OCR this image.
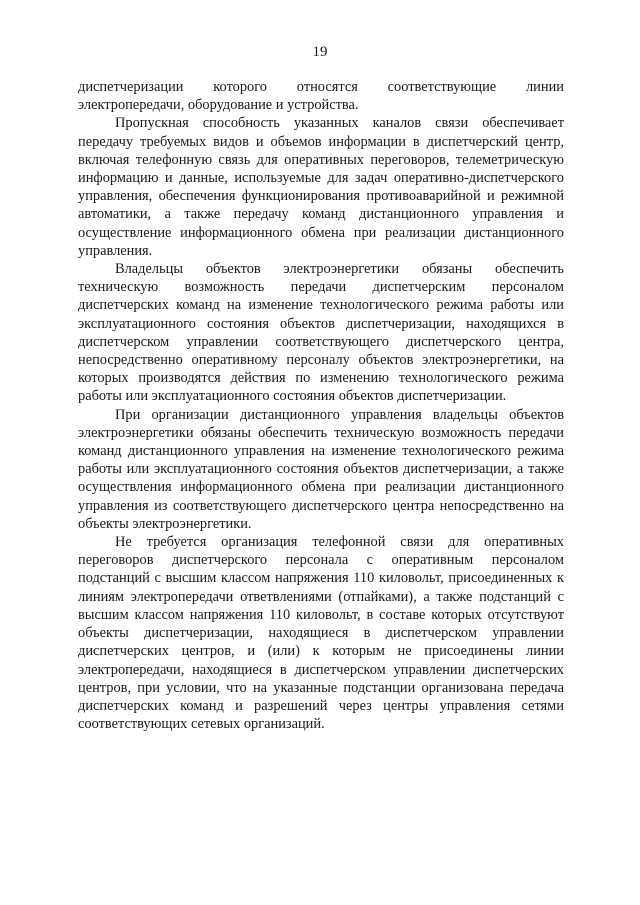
19

диспетчеризации которого относятся соответствующие линии электропередачи, оборудование и устройства.

Пропускная способность указанных каналов связи обеспечивает передачу требуемых видов и объемов информации в диспетчерский центр, включая телефонную связь для оперативных переговоров, телеметрическую информацию и данные, используемые для задач оперативно-диспетчерского управления, обеспечения функционирования противоаварийной и режимной автоматики, а также передачу команд дистанционного управления и осуществление информационного обмена при реализации дистанционного управления.

Владельцы объектов электроэнергетики обязаны обеспечить техническую возможность передачи диспетчерским персоналом диспетчерских команд на изменение технологического режима работы или эксплуатационного состояния объектов диспетчеризации, находящихся в диспетчерском управлении соответствующего диспетчерского центра, непосредственно оперативному персоналу объектов электроэнергетики, на которых производятся действия по изменению технологического режима работы или эксплуатационного состояния объектов диспетчеризации.

При организации дистанционного управления владельцы объектов электроэнергетики обязаны обеспечить техническую возможность передачи команд дистанционного управления на изменение технологического режима работы или эксплуатационного состояния объектов диспетчеризации, а также осуществления информационного обмена при реализации дистанционного управления из соответствующего диспетчерского центра непосредственно на объекты электроэнергетики.

Не требуется организация телефонной связи для оперативных переговоров диспетчерского персонала с оперативным персоналом подстанций с высшим классом напряжения 110 киловольт, присоединенных к линиям электропередачи ответвлениями (отпайками), а также подстанций с высшим классом напряжения 110 киловольт, в составе которых отсутствуют объекты диспетчеризации, находящиеся в диспетчерском управлении диспетчерских центров, и (или) к которым не присоединены линии электропередачи, находящиеся в диспетчерском управлении диспетчерских центров, при условии, что на указанные подстанции организована передача диспетчерских команд и разрешений через центры управления сетями соответствующих сетевых организаций.
